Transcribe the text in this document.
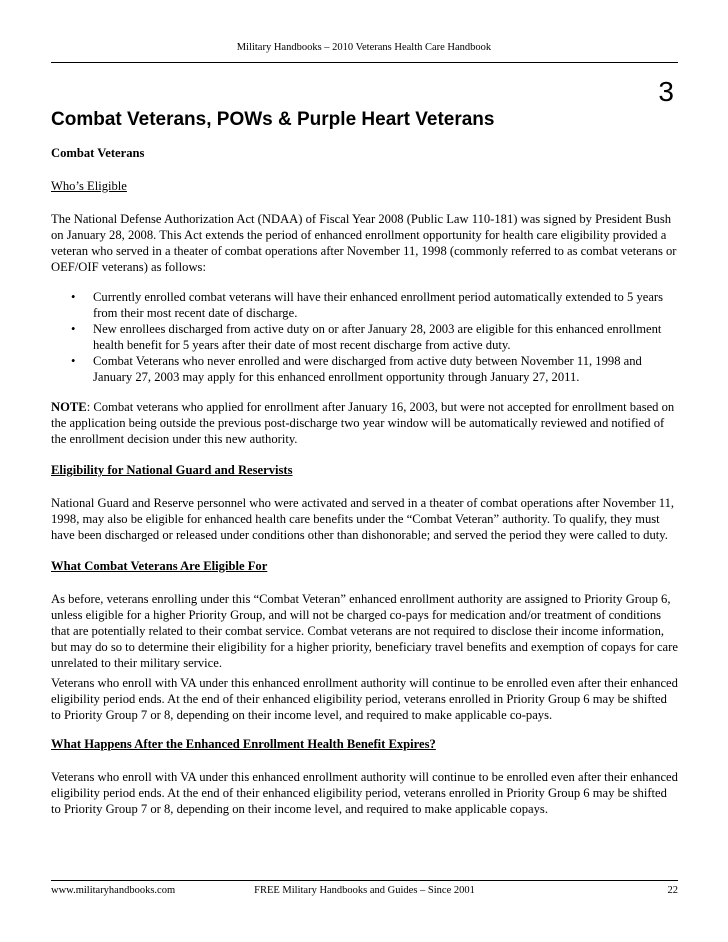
Military Handbooks – 2010 Veterans Health Care Handbook
3
Combat Veterans, POWs & Purple Heart Veterans

Combat Veterans

Who’s Eligible

The National Defense Authorization Act (NDAA) of Fiscal Year 2008 (Public Law 110-181) was signed by President Bush on January 28, 2008. This Act extends the period of enhanced enrollment opportunity for health care eligibility provided a veteran who served in a theater of combat operations after November 11, 1998 (commonly referred to as combat veterans or OEF/OIF veterans) as follows:

• Currently enrolled combat veterans will have their enhanced enrollment period automatically extended to 5 years from their most recent date of discharge.
• New enrollees discharged from active duty on or after January 28, 2003 are eligible for this enhanced enrollment health benefit for 5 years after their date of most recent discharge from active duty.
• Combat Veterans who never enrolled and were discharged from active duty between November 11, 1998 and January 27, 2003 may apply for this enhanced enrollment opportunity through January 27, 2011.

NOTE: Combat veterans who applied for enrollment after January 16, 2003, but were not accepted for enrollment based on the application being outside the previous post-discharge two year window will be automatically reviewed and notified of the enrollment decision under this new authority.

Eligibility for National Guard and Reservists

National Guard and Reserve personnel who were activated and served in a theater of combat operations after November 11, 1998, may also be eligible for enhanced health care benefits under the “Combat Veteran” authority. To qualify, they must have been discharged or released under conditions other than dishonorable; and served the period they were called to duty.

What Combat Veterans Are Eligible For

As before, veterans enrolling under this “Combat Veteran” enhanced enrollment authority are assigned to Priority Group 6, unless eligible for a higher Priority Group, and will not be charged co-pays for medication and/or treatment of conditions that are potentially related to their combat service. Combat veterans are not required to disclose their income information, but may do so to determine their eligibility for a higher priority, beneficiary travel benefits and exemption of copays for care unrelated to their military service.

Veterans who enroll with VA under this enhanced enrollment authority will continue to be enrolled even after their enhanced eligibility period ends. At the end of their enhanced eligibility period, veterans enrolled in Priority Group 6 may be shifted to Priority Group 7 or 8, depending on their income level, and required to make applicable co-pays.

What Happens After the Enhanced Enrollment Health Benefit Expires?

Veterans who enroll with VA under this enhanced enrollment authority will continue to be enrolled even after their enhanced eligibility period ends. At the end of their enhanced eligibility period, veterans enrolled in Priority Group 6 may be shifted to Priority Group 7 or 8, depending on their income level, and required to make applicable copays.

www.militaryhandbooks.com	FREE Military Handbooks and Guides – Since 2001	22
